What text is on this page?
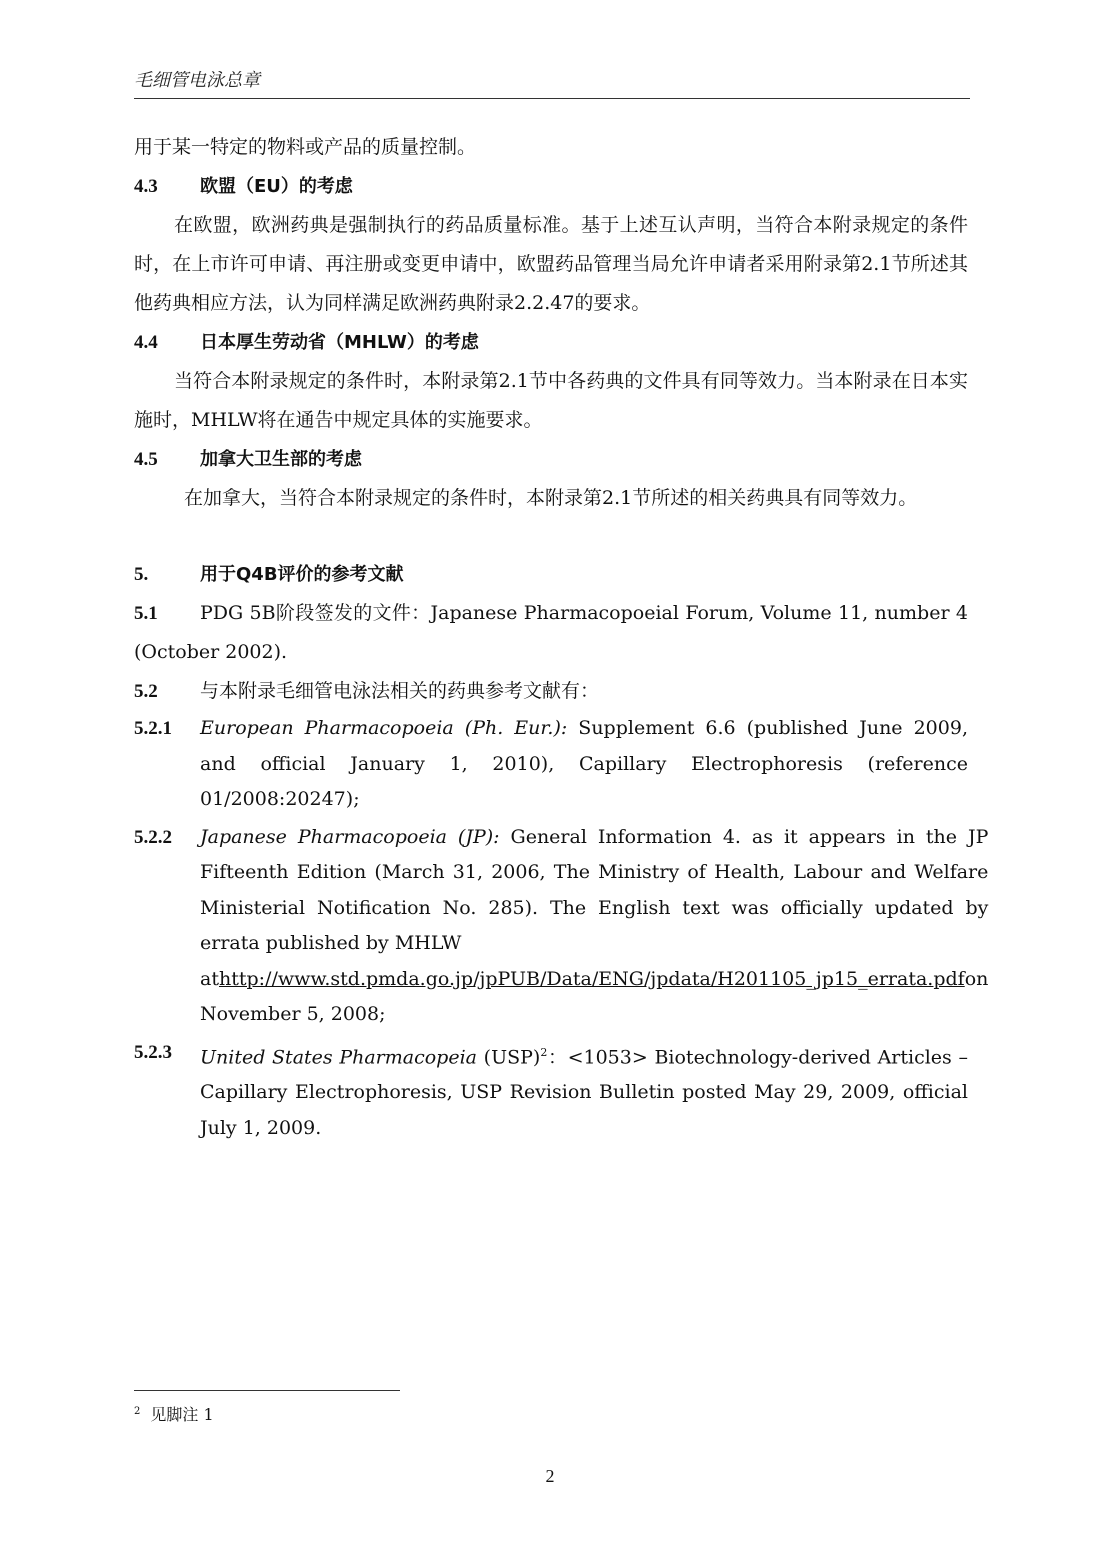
毛细管电泳总章

用于某一特定的物料或产品的质量控制。

4.3	欧盟（EU）的考虑

在欧盟，欧洲药典是强制执行的药品质量标准。基于上述互认声明，当符合本附录规定的条件时，在上市许可申请、再注册或变更申请中，欧盟药品管理当局允许申请者采用附录第2.1节所述其他药典相应方法，认为同样满足欧洲药典附录2.2.47的要求。

4.4	日本厚生劳动省（MHLW）的考虑

当符合本附录规定的条件时，本附录第2.1节中各药典的文件具有同等效力。当本附录在日本实施时，MHLW将在通告中规定具体的实施要求。

4.5	加拿大卫生部的考虑

在加拿大，当符合本附录规定的条件时，本附录第2.1节所述的相关药典具有同等效力。

5.	用于Q4B评价的参考文献

5.1 PDG 5B阶段签发的文件：Japanese Pharmacopoeial Forum, Volume 11, number 4 (October 2002).

5.2	与本附录毛细管电泳法相关的药典参考文献有：
5.2.1	European Pharmacopoeia (Ph. Eur.): Supplement 6.6 (published June 2009, and official January 1, 2010), Capillary Electrophoresis (reference 01/2008:20247);
5.2.2	Japanese Pharmacopoeia (JP): General Information 4. as it appears in the JP Fifteenth Edition (March 31, 2006, The Ministry of Health, Labour and Welfare Ministerial Notification No. 285). The English text was officially updated by errata published by MHLW
at http://www.std.pmda.go.jp/jpPUB/Data/ENG/jpdata/H201105_jp15_errata.pdf on
November 5, 2008;
5.2.3	United States Pharmacopeia (USP)$^2$：<1053> Biotechnology-derived Articles – Capillary Electrophoresis, USP Revision Bulletin posted May 29, 2009, official July 1, 2009.
$^2$ 见脚注 1
2
